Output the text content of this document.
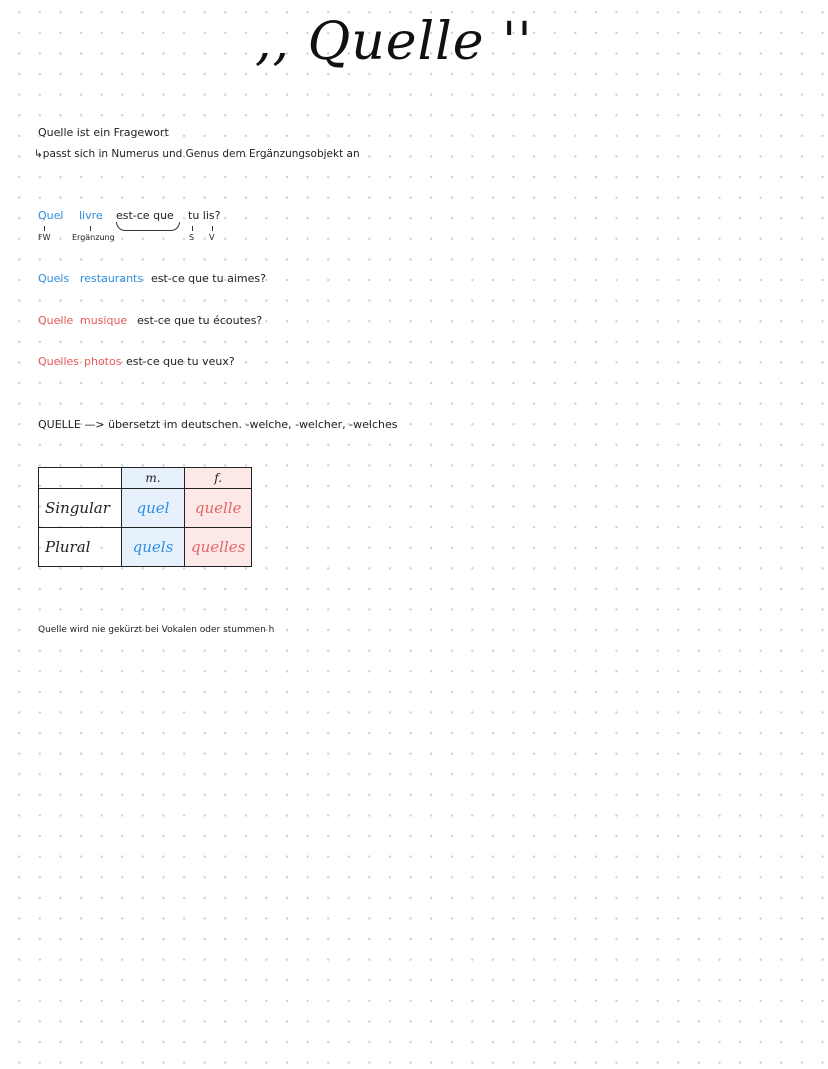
,, Quelle ''
Quelle ist ein Fragewort
↳passt sich in Numerus und Genus dem Ergänzungsobjekt an
Quel livre est-ce que tu lis?
FW	Ergänzung	S V
Quels restaurants est-ce que tu aimes?
Quelle musique est-ce que tu écoutes?
Quelles photos est-ce que tu veux?
QUELLE —> übersetzt im deutschen. -welche, -welcher, -welches
	m.	f.
Singular	quel	quelle
Plural	quels	quelles
Quelle wird nie gekürzt bei Vokalen oder stummen h
